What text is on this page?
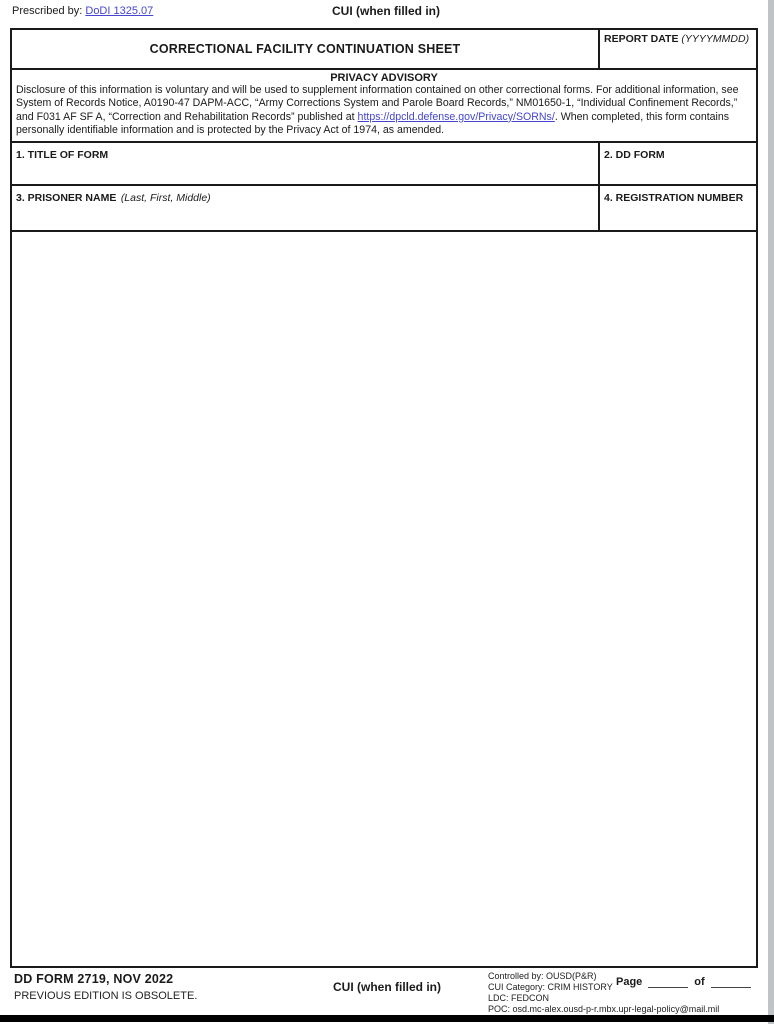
Prescribed by: DoDI 1325.07	CUI (when filled in)
CORRECTIONAL FACILITY CONTINUATION SHEET
REPORT DATE (YYYYMMDD)
PRIVACY ADVISORY
Disclosure of this information is voluntary and will be used to supplement information contained on other correctional forms. For additional information, see System of Records Notice, A0190-47 DAPM-ACC, “Army Corrections System and Parole Board Records,” NM01650-1, “Individual Confinement Records,” and F031 AF SF A, “Correction and Rehabilitation Records” published at https://dpcld.defense.gov/Privacy/SORNs/. When completed, this form contains personally identifiable information and is protected by the Privacy Act of 1974, as amended.
1. TITLE OF FORM	2. DD FORM
3. PRISONER NAME (Last, First, Middle)	4. REGISTRATION NUMBER
DD FORM 2719, NOV 2022
PREVIOUS EDITION IS OBSOLETE.
CUI (when filled in)
Controlled by: OUSD(P&R)
CUI Category: CRIM HISTORY
LDC: FEDCON
POC: osd.mc-alex.ousd-p-r.mbx.upr-legal-policy@mail.mil
Page	of
